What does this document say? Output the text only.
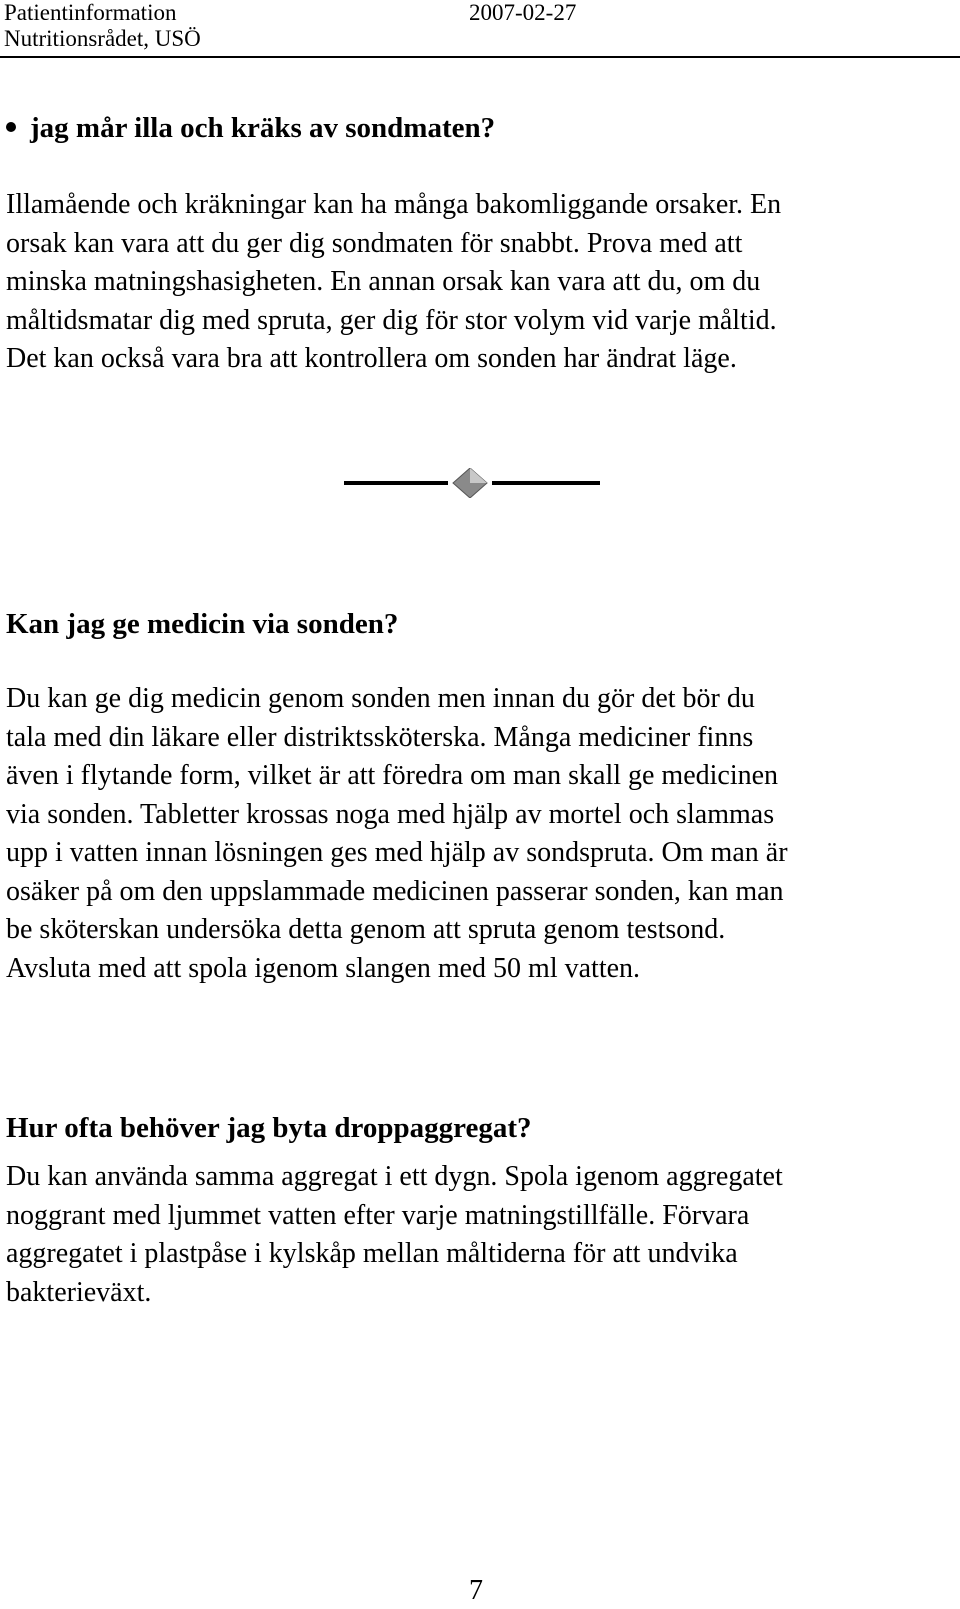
Patientinformation	2007-02-27
Nutritionsrådet, USÖ
jag mår illa och kräks av sondmaten?

Illamående och kräkningar kan ha många bakomliggande orsaker. En
orsak kan vara att du ger dig sondmaten för snabbt. Prova med att
minska matningshasigheten. En annan orsak kan vara att du, om du
måltidsmatar dig med spruta, ger dig för stor volym vid varje måltid.
Det kan också vara bra att kontrollera om sonden har ändrat läge.

Kan jag ge medicin via sonden?

Du kan ge dig medicin genom sonden men innan du gör det bör du
tala med din läkare eller distriktssköterska. Många mediciner finns
även i flytande form, vilket är att föredra om man skall ge medicinen
via sonden. Tabletter krossas noga med hjälp av mortel och slammas
upp i vatten innan lösningen ges med hjälp av sondspruta. Om man är
osäker på om den uppslammade medicinen passerar sonden, kan man
be sköterskan undersöka detta genom att spruta genom testsond.
Avsluta med att spola igenom slangen med 50 ml vatten.

Hur ofta behöver jag byta droppaggregat?

Du kan använda samma aggregat i ett dygn. Spola igenom aggregatet
noggrant med ljummet vatten efter varje matningstillfälle. Förvara
aggregatet i plastpåse i kylskåp mellan måltiderna för att undvika
bakterieväxt.

7
